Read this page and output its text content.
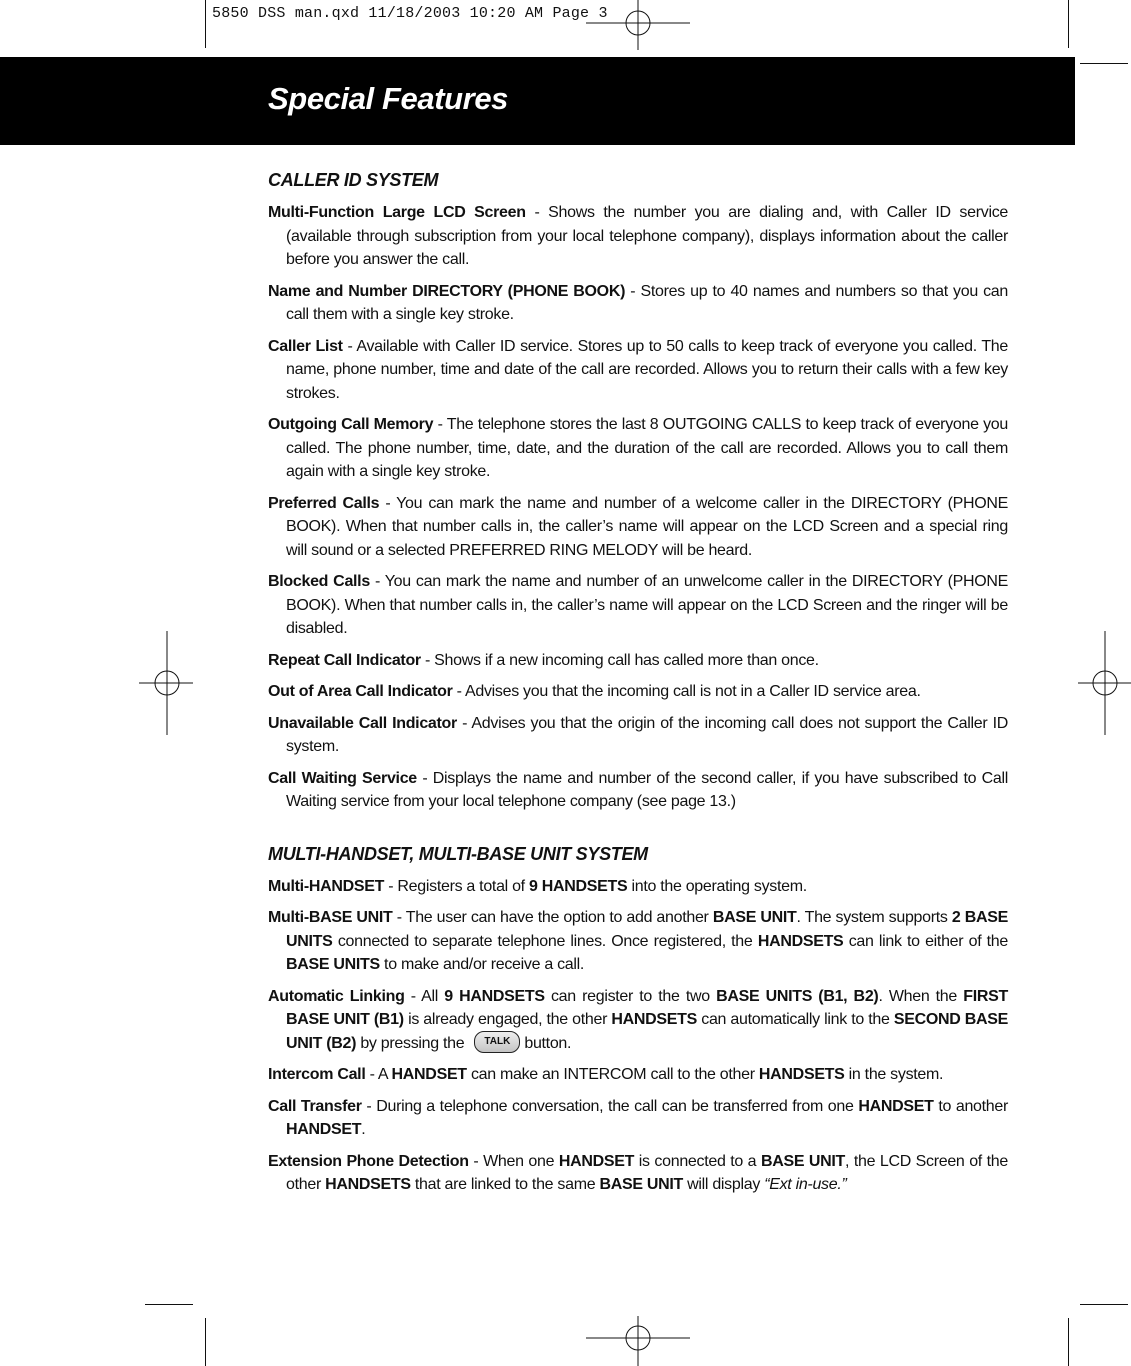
5850 DSS man.qxd 11/18/2003 10:20 AM Page 3
Special Features
CALLER ID SYSTEM

Multi-Function Large LCD Screen - Shows the number you are dialing and, with Caller ID service (available through subscription from your local telephone company), displays information about the caller before you answer the call.

Name and Number DIRECTORY (PHONE BOOK) - Stores up to 40 names and numbers so that you can call them with a single key stroke.

Caller List - Available with Caller ID service. Stores up to 50 calls to keep track of everyone you called. The name, phone number, time and date of the call are recorded. Allows you to return their calls with a few key strokes.

Outgoing Call Memory - The telephone stores the last 8 OUTGOING CALLS to keep track of everyone you called. The phone number, time, date, and the duration of the call are recorded. Allows you to call them again with a single key stroke.

Preferred Calls - You can mark the name and number of a welcome caller in the DIRECTORY (PHONE BOOK). When that number calls in, the caller’s name will appear on the LCD Screen and a special ring will sound or a selected PREFERRED RING MELODY will be heard.

Blocked Calls - You can mark the name and number of an unwelcome caller in the DIRECTORY (PHONE BOOK). When that number calls in, the caller’s name will appear on the LCD Screen and the ringer will be disabled.

Repeat Call Indicator - Shows if a new incoming call has called more than once.

Out of Area Call Indicator - Advises you that the incoming call is not in a Caller ID service area.

Unavailable Call Indicator - Advises you that the origin of the incoming call does not support the Caller ID system.

Call Waiting Service - Displays the name and number of the second caller, if you have subscribed to Call Waiting service from your local telephone company (see page 13.)

MULTI-HANDSET, MULTI-BASE UNIT SYSTEM

Multi-HANDSET - Registers a total of 9 HANDSETS into the operating system.

Multi-BASE UNIT - The user can have the option to add another BASE UNIT. The system supports 2 BASE UNITS connected to separate telephone lines. Once registered, the HANDSETS can link to either of the BASE UNITS to make and/or receive a call.

Automatic Linking - All 9 HANDSETS can register to the two BASE UNITS (B1, B2). When the FIRST BASE UNIT (B1) is already engaged, the other HANDSETS can automatically link to the SECOND BASE UNIT (B2) by pressing the TALK button.

Intercom Call - A HANDSET can make an INTERCOM call to the other HANDSETS in the system.

Call Transfer - During a telephone conversation, the call can be transferred from one HANDSET to another HANDSET.

Extension Phone Detection - When one HANDSET is connected to a BASE UNIT, the LCD Screen of the other HANDSETS that are linked to the same BASE UNIT will display “Ext in-use.”
